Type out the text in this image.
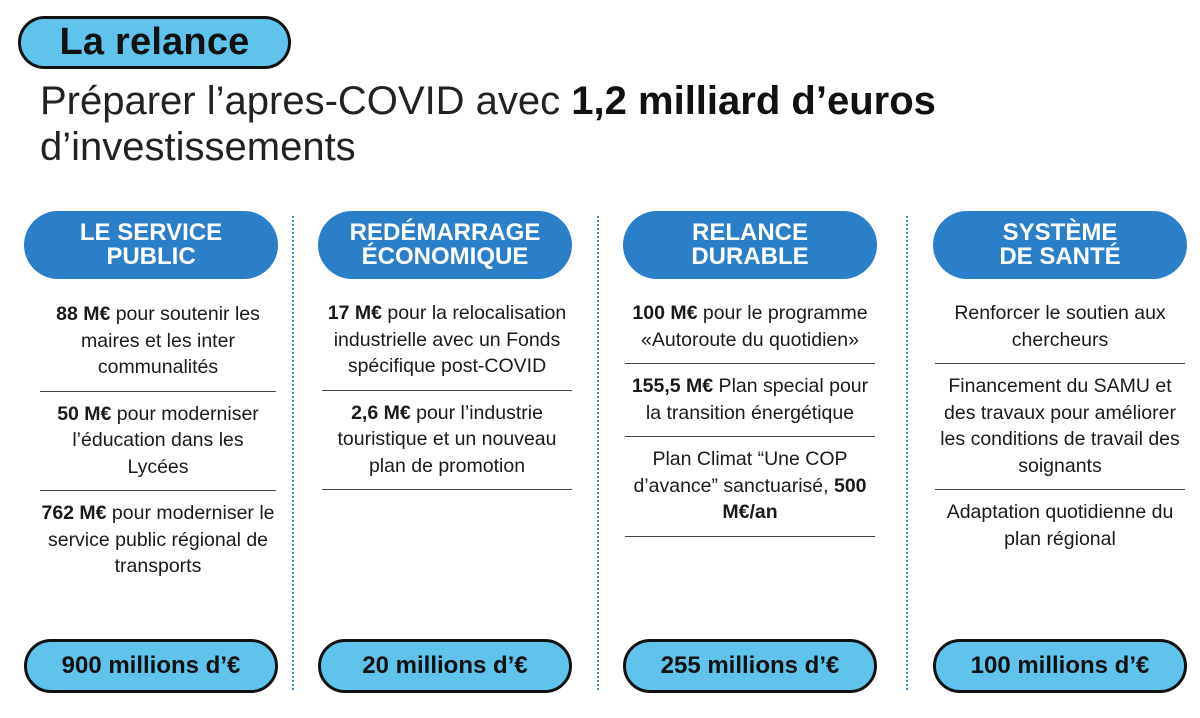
La relance
Préparer l’apres-COVID avec 1,2 milliard d’euros
d’investissements
LE SERVICE
PUBLIC
88 M€ pour soutenir les maires et les inter communalités
50 M€ pour moderniser l’éducation dans les Lycées
762 M€ pour moderniser le service public régional de transports
900 millions d’€
REDÉMARRAGE
ÉCONOMIQUE
17 M€ pour la relocalisation industrielle avec un Fonds spécifique post-COVID
2,6 M€ pour l’industrie touristique et un nouveau plan de promotion
20 millions d’€
RELANCE
DURABLE
100 M€ pour le programme «Autoroute du quotidien»
155,5 M€ Plan special pour la transition énergétique
Plan Climat “Une COP d’avance” sanctuarisé, 500 M€/an
255 millions d’€
SYSTÈME
DE SANTÉ
Renforcer le soutien aux chercheurs
Financement du SAMU et des travaux pour améliorer les conditions de travail des soignants
Adaptation quotidienne du plan régional
100 millions d’€
